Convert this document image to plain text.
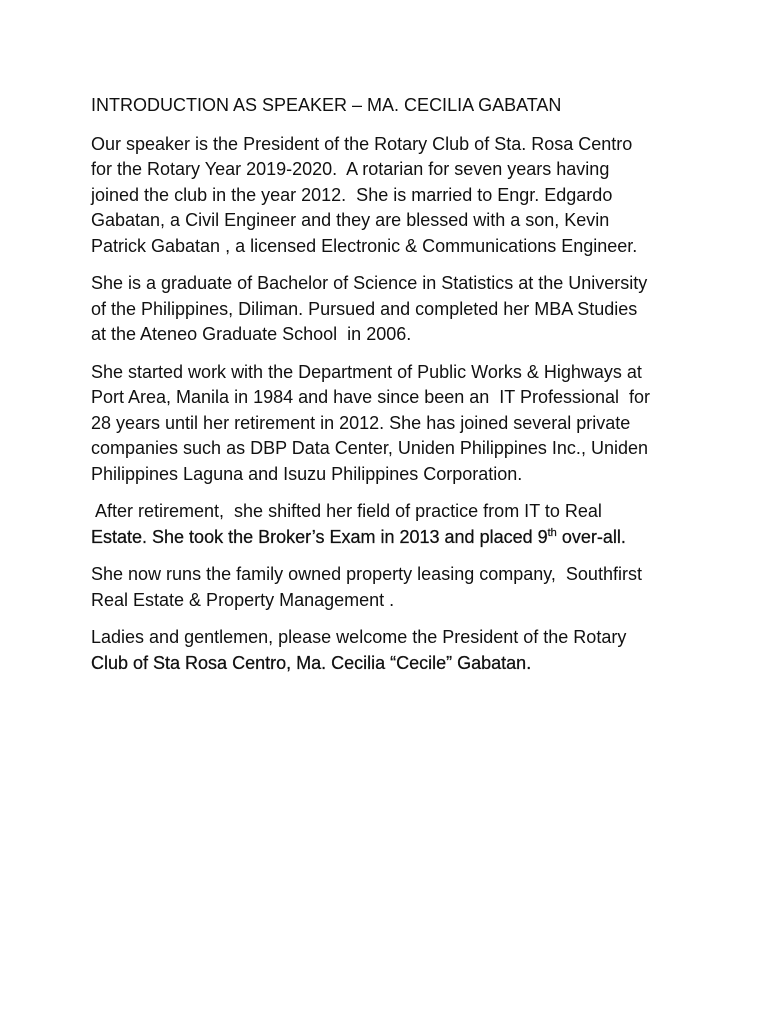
INTRODUCTION AS SPEAKER – MA. CECILIA GABATAN
Our speaker is the President of the Rotary Club of Sta. Rosa Centro
for the Rotary Year 2019-2020.  A rotarian for seven years having
joined the club in the year 2012.  She is married to Engr. Edgardo
Gabatan, a Civil Engineer and they are blessed with a son, Kevin
Patrick Gabatan , a licensed Electronic & Communications Engineer.
She is a graduate of Bachelor of Science in Statistics at the University
of the Philippines, Diliman. Pursued and completed her MBA Studies
at the Ateneo Graduate School  in 2006.
She started work with the Department of Public Works & Highways at
Port Area, Manila in 1984 and have since been an  IT Professional  for
28 years until her retirement in 2012. She has joined several private
companies such as DBP Data Center, Uniden Philippines Inc., Uniden
Philippines Laguna and Isuzu Philippines Corporation.
After retirement,  she shifted her field of practice from IT to Real
Estate. She took the Broker’s Exam in 2013 and placed 9th over-all.
She now runs the family owned property leasing company,  Southfirst
Real Estate & Property Management .
Ladies and gentlemen, please welcome the President of the Rotary
Club of Sta Rosa Centro, Ma. Cecilia “Cecile” Gabatan.
